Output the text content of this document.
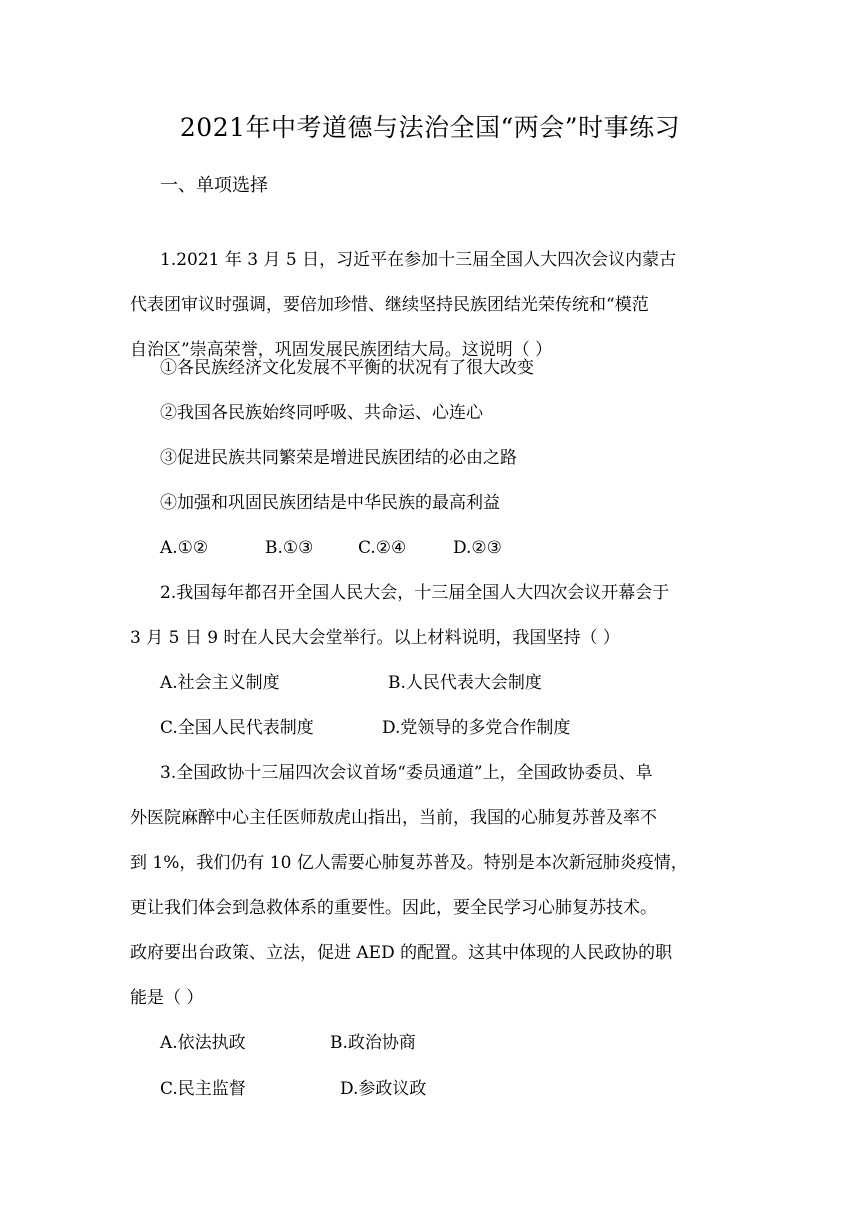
2021年中考道德与法治全国“两会”时事练习
一、单项选择
1.2021 年 3 月 5 日，习近平在参加十三届全国人大四次会议内蒙古
代表团审议时强调，要倍加珍惜、继续坚持民族团结光荣传统和“模范
自治区”崇高荣誉，巩固发展民族团结大局。这说明（ ）
①各民族经济文化发展不平衡的状况有了很大改变
②我国各民族始终同呼吸、共命运、心连心
③促进民族共同繁荣是增进民族团结的必由之路
④加强和巩固民族团结是中华民族的最高利益
A.①②	B.①③	C.②④	D.②③
2.我国每年都召开全国人民大会，十三届全国人大四次会议开幕会于
3 月 5 日 9 时在人民大会堂举行。以上材料说明，我国坚持（ ）
A.社会主义制度	B.人民代表大会制度
C.全国人民代表制度	D.党领导的多党合作制度
3.全国政协十三届四次会议首场“委员通道”上，全国政协委员、阜
外医院麻醉中心主任医师敖虎山指出，当前，我国的心肺复苏普及率不
到 1%，我们仍有 10 亿人需要心肺复苏普及。特别是本次新冠肺炎疫情，
更让我们体会到急救体系的重要性。因此，要全民学习心肺复苏技术。
政府要出台政策、立法，促进 AED 的配置。这其中体现的人民政协的职
能是（ ）
A.依法执政	B.政治协商
C.民主监督	D.参政议政
